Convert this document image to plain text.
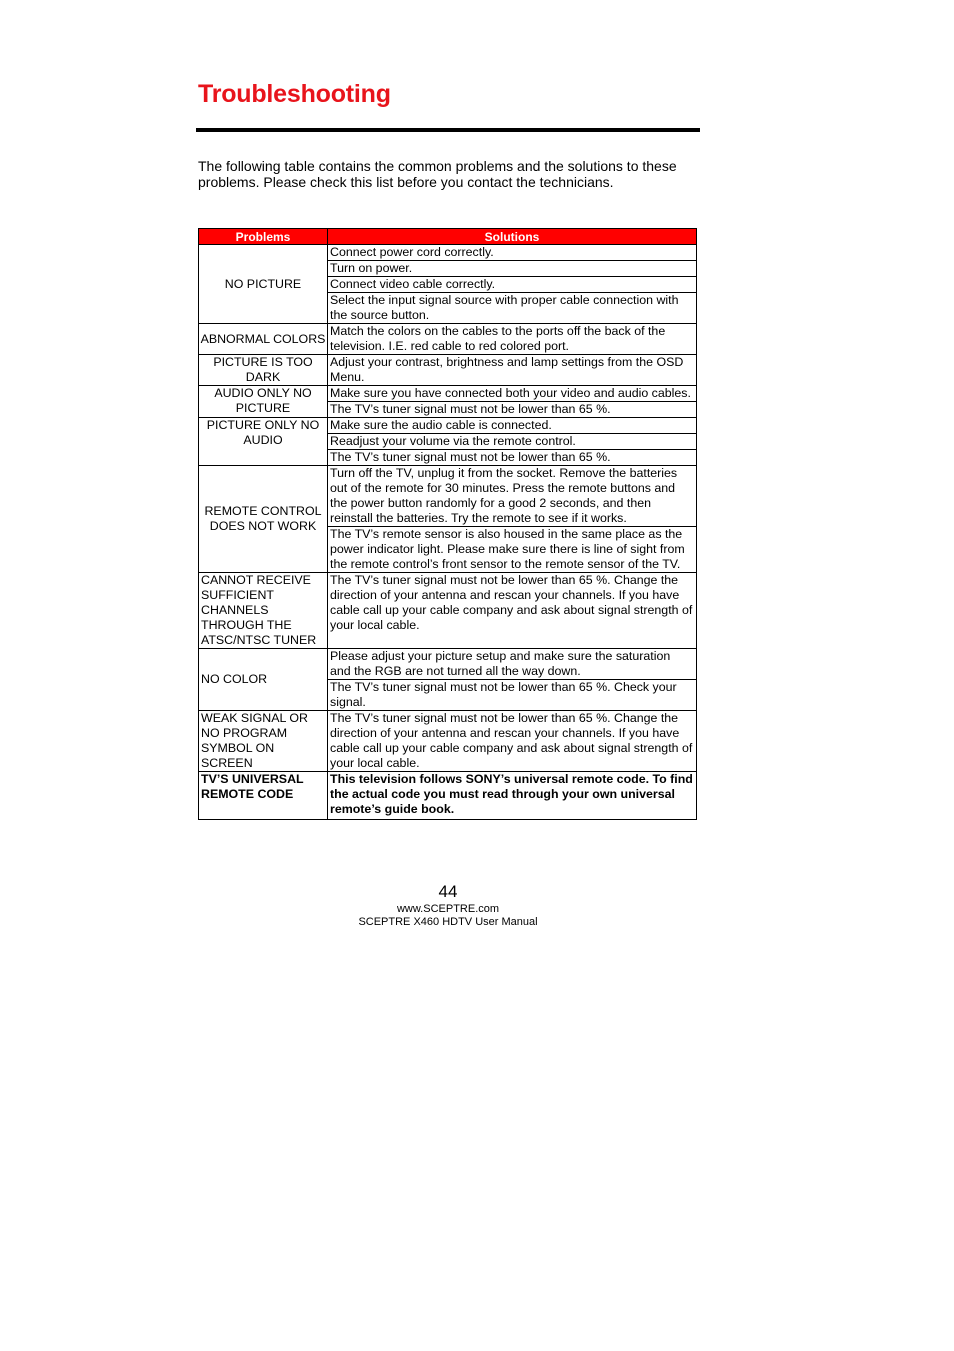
Troubleshooting

The following table contains the common problems and the solutions to these problems. Please check this list before you contact the technicians.

Problems	Solutions
NO PICTURE	Connect power cord correctly.
	Turn on power.
	Connect video cable correctly.
	Select the input signal source with proper cable connection with the source button.
ABNORMAL COLORS	Match the colors on the cables to the ports off the back of the television. I.E. red cable to red colored port.
PICTURE IS TOO DARK	Adjust your contrast, brightness and lamp settings from the OSD Menu.
AUDIO ONLY NO PICTURE	Make sure you have connected both your video and audio cables.
	The TV’s tuner signal must not be lower than 65 %.
PICTURE ONLY NO AUDIO	Make sure the audio cable is connected.
	Readjust your volume via the remote control.
	The TV’s tuner signal must not be lower than 65 %.
REMOTE CONTROL DOES NOT WORK	Turn off the TV, unplug it from the socket. Remove the batteries out of the remote for 30 minutes. Press the remote buttons and the power button randomly for a good 2 seconds, and then reinstall the batteries. Try the remote to see if it works.
	The TV’s remote sensor is also housed in the same place as the power indicator light. Please make sure there is line of sight from the remote control’s front sensor to the remote sensor of the TV.
CANNOT RECEIVE SUFFICIENT CHANNELS THROUGH THE ATSC/NTSC TUNER	The TV’s tuner signal must not be lower than 65 %. Change the direction of your antenna and rescan your channels. If you have cable call up your cable company and ask about signal strength of your local cable.
NO COLOR	Please adjust your picture setup and make sure the saturation and the RGB are not turned all the way down.
	The TV’s tuner signal must not be lower than 65 %. Check your signal.
WEAK SIGNAL OR NO PROGRAM SYMBOL ON SCREEN	The TV’s tuner signal must not be lower than 65 %. Change the direction of your antenna and rescan your channels. If you have cable call up your cable company and ask about signal strength of your local cable.
TV’S UNIVERSAL REMOTE CODE	This television follows SONY’s universal remote code. To find the actual code you must read through your own universal remote’s guide book.

44

www.SCEPTRE.com

SCEPTRE X460 HDTV User Manual
